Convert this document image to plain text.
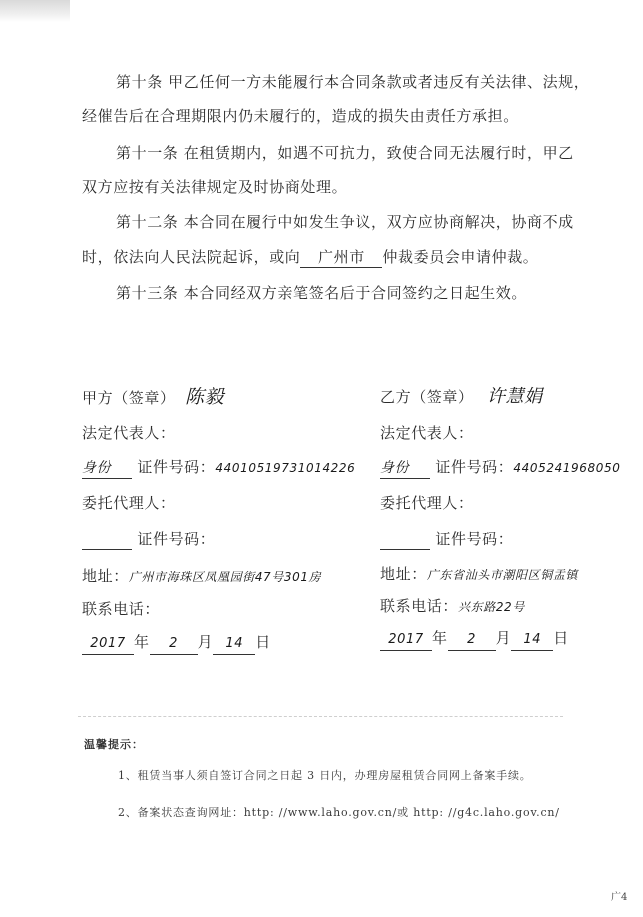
第十条 甲乙任何一方未能履行本合同条款或者违反有关法律、法规，
经催告后在合理期限内仍未履行的，造成的损失由责任方承担。
第十一条 在租赁期内，如遇不可抗力，致使合同无法履行时，甲乙
双方应按有关法律规定及时协商处理。
第十二条 本合同在履行中如发生争议，双方应协商解决，协商不成
时，依法向人民法院起诉，或向 广州市 仲裁委员会申请仲裁。
第十三条 本合同经双方亲笔签名后于合同签约之日起生效。
甲方（签章） 陈毅
法定代表人：
身份 证件号码：44010519731014226
委托代理人：
证件号码：
地址：广州市海珠区凤凰园街47号301房
联系电话：
2017 年 2 月 14 日
乙方（签章） 许慧娟
法定代表人：
身份 证件号码：4405241968050
委托代理人：
证件号码：
地址：广东省汕头市潮阳区铜盂镇
联系电话：兴东路22号
2017 年 2 月 14 日
温馨提示：
1、租赁当事人须自签订合同之日起 3 日内，办理房屋租赁合同网上备案手续。
2、备案状态查询网址：http: //www.laho.gov.cn/或 http: //g4c.laho.gov.cn/
广4
